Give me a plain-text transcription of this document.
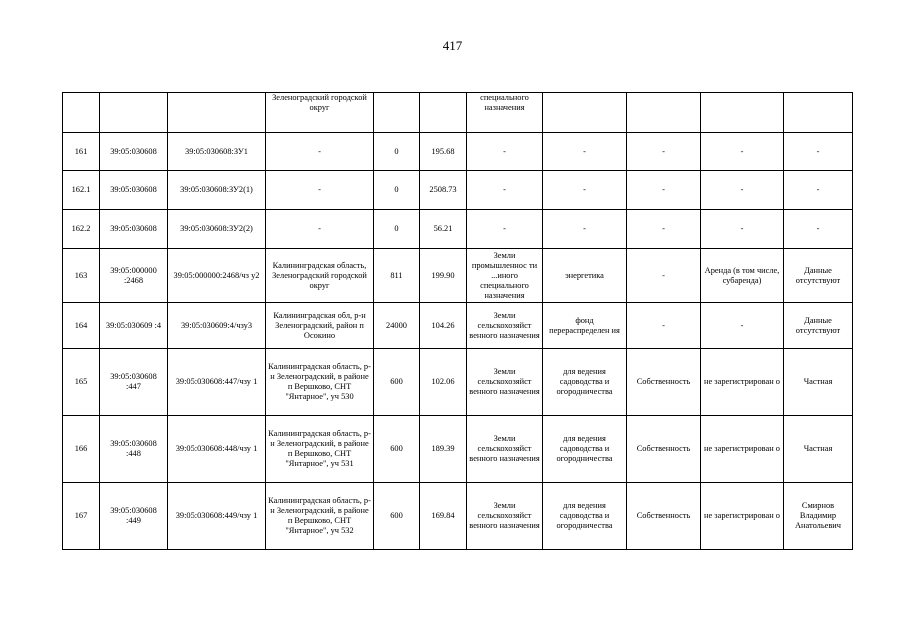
417
			Зеленоградский городской округ			специального назначения				
161	39:05:030608	39:05:030608:ЗУ1	-	0	195.68	-	-	-	-	-
162.1	39:05:030608	39:05:030608:ЗУ2(1)	-	0	2508.73	-	-	-	-	-
162.2	39:05:030608	39:05:030608:ЗУ2(2)	-	0	56.21	-	-	-	-	-
163	39:05:000000 :2468	39:05:000000:2468/чз у2	Калининградская область, Зеленоградский городской округ	811	199.90	Земли промышленнос ти ...иного специального назначения	энергетика	-	Аренда (в том числе, субаренда)	Данные отсутствуют
164	39:05:030609 :4	39:05:030609:4/чзу3	Калининградская обл, р-н Зеленоградский, район п Осокино	24000	104.26	Земли сельскохозяйст венного назначения	фонд перераспределен ия	-	-	Данные отсутствуют
165	39:05:030608 :447	39:05:030608:447/чзу 1	Калининградская область, р-н Зеленоградский, в районе п Вершково, СНТ "Янтарное", уч 530	600	102.06	Земли сельскохозяйст венного назначения	для ведения садоводства и огородничества	Собственность	не зарегистрирован о	Частная
166	39:05:030608 :448	39:05:030608:448/чзу 1	Калининградская область, р-н Зеленоградский, в районе п Вершково, СНТ "Янтарное", уч 531	600	189.39	Земли сельскохозяйст венного назначения	для ведения садоводства и огородничества	Собственность	не зарегистрирован о	Частная
167	39:05:030608 :449	39:05:030608:449/чзу 1	Калининградская область, р-н Зеленоградский, в районе п Вершково, СНТ "Янтарное", уч 532	600	169.84	Земли сельскохозяйст венного назначения	для ведения садоводства и огородничества	Собственность	не зарегистрирован о	Смирнов Владимир Анатольевич
